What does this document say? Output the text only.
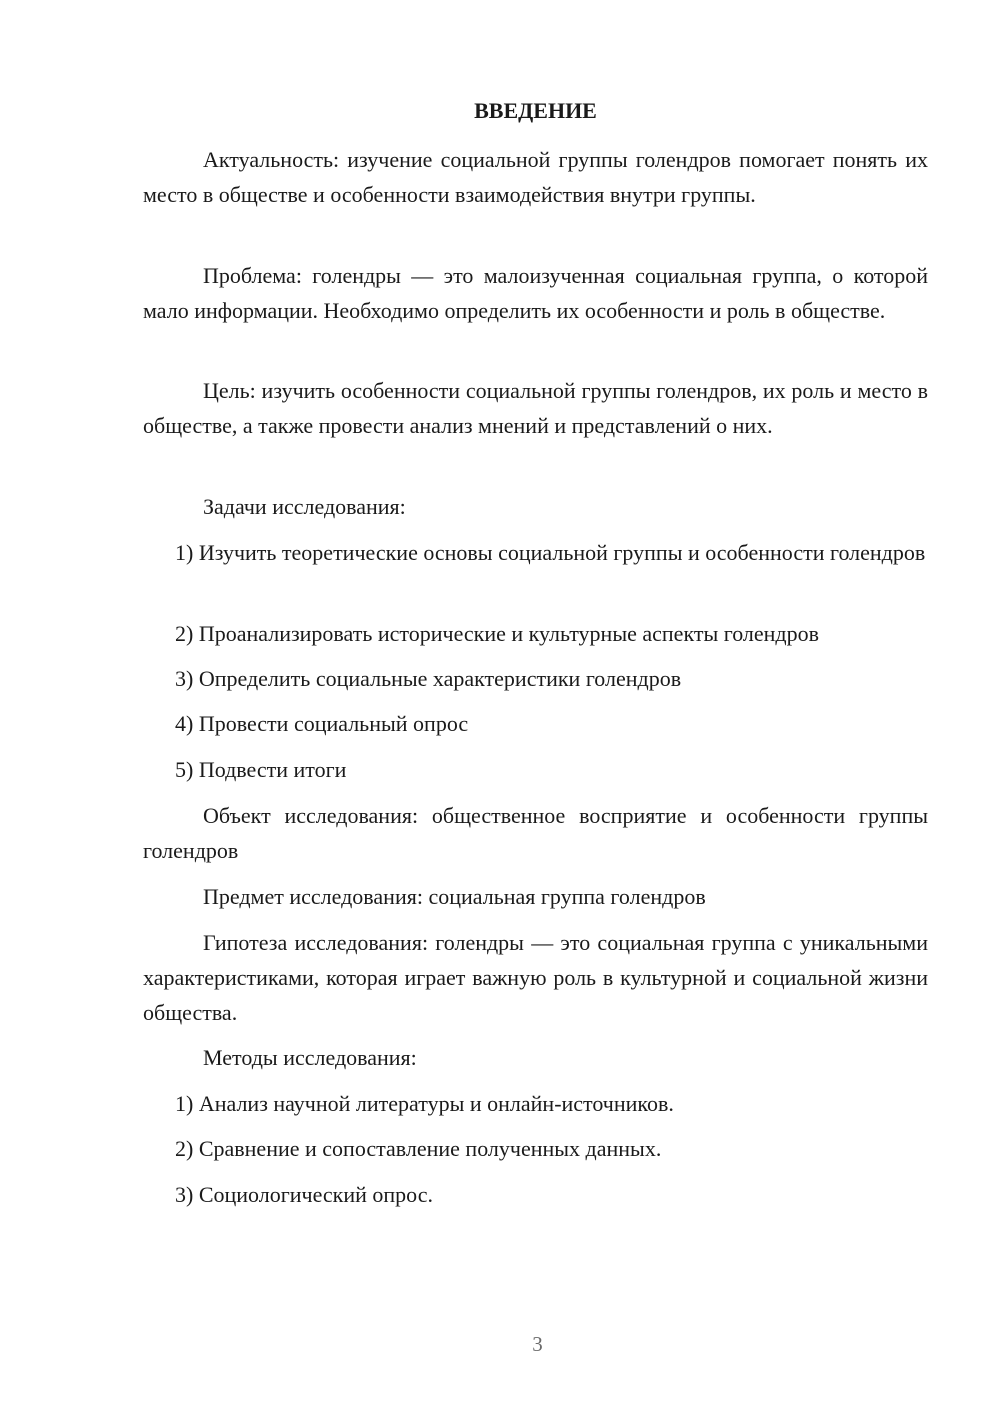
ВВЕДЕНИЕ

Актуальность: изучение социальной группы голендров помогает понять их место в обществе и особенности взаимодействия внутри группы.

Проблема: голендры — это малоизученная социальная группа, о которой мало информации. Необходимо определить их особенности и роль в обществе.

Цель: изучить особенности социальной группы голендров, их роль и место в обществе, а также провести анализ мнений и представлений о них.

Задачи исследования:

1) Изучить теоретические основы социальной группы и особенности голендров

2) Проанализировать исторические и культурные аспекты голендров

3) Определить социальные характеристики голендров

4) Провести социальный опрос

5) Подвести итоги

Объект исследования: общественное восприятие и особенности группы голендров

Предмет исследования: социальная группа голендров

Гипотеза исследования: голендры — это социальная группа с уникальными характеристиками, которая играет важную роль в культурной и социальной жизни общества.

Методы исследования:

1) Анализ научной литературы и онлайн-источников.

2) Сравнение и сопоставление полученных данных.

3) Социологический опрос.

3
